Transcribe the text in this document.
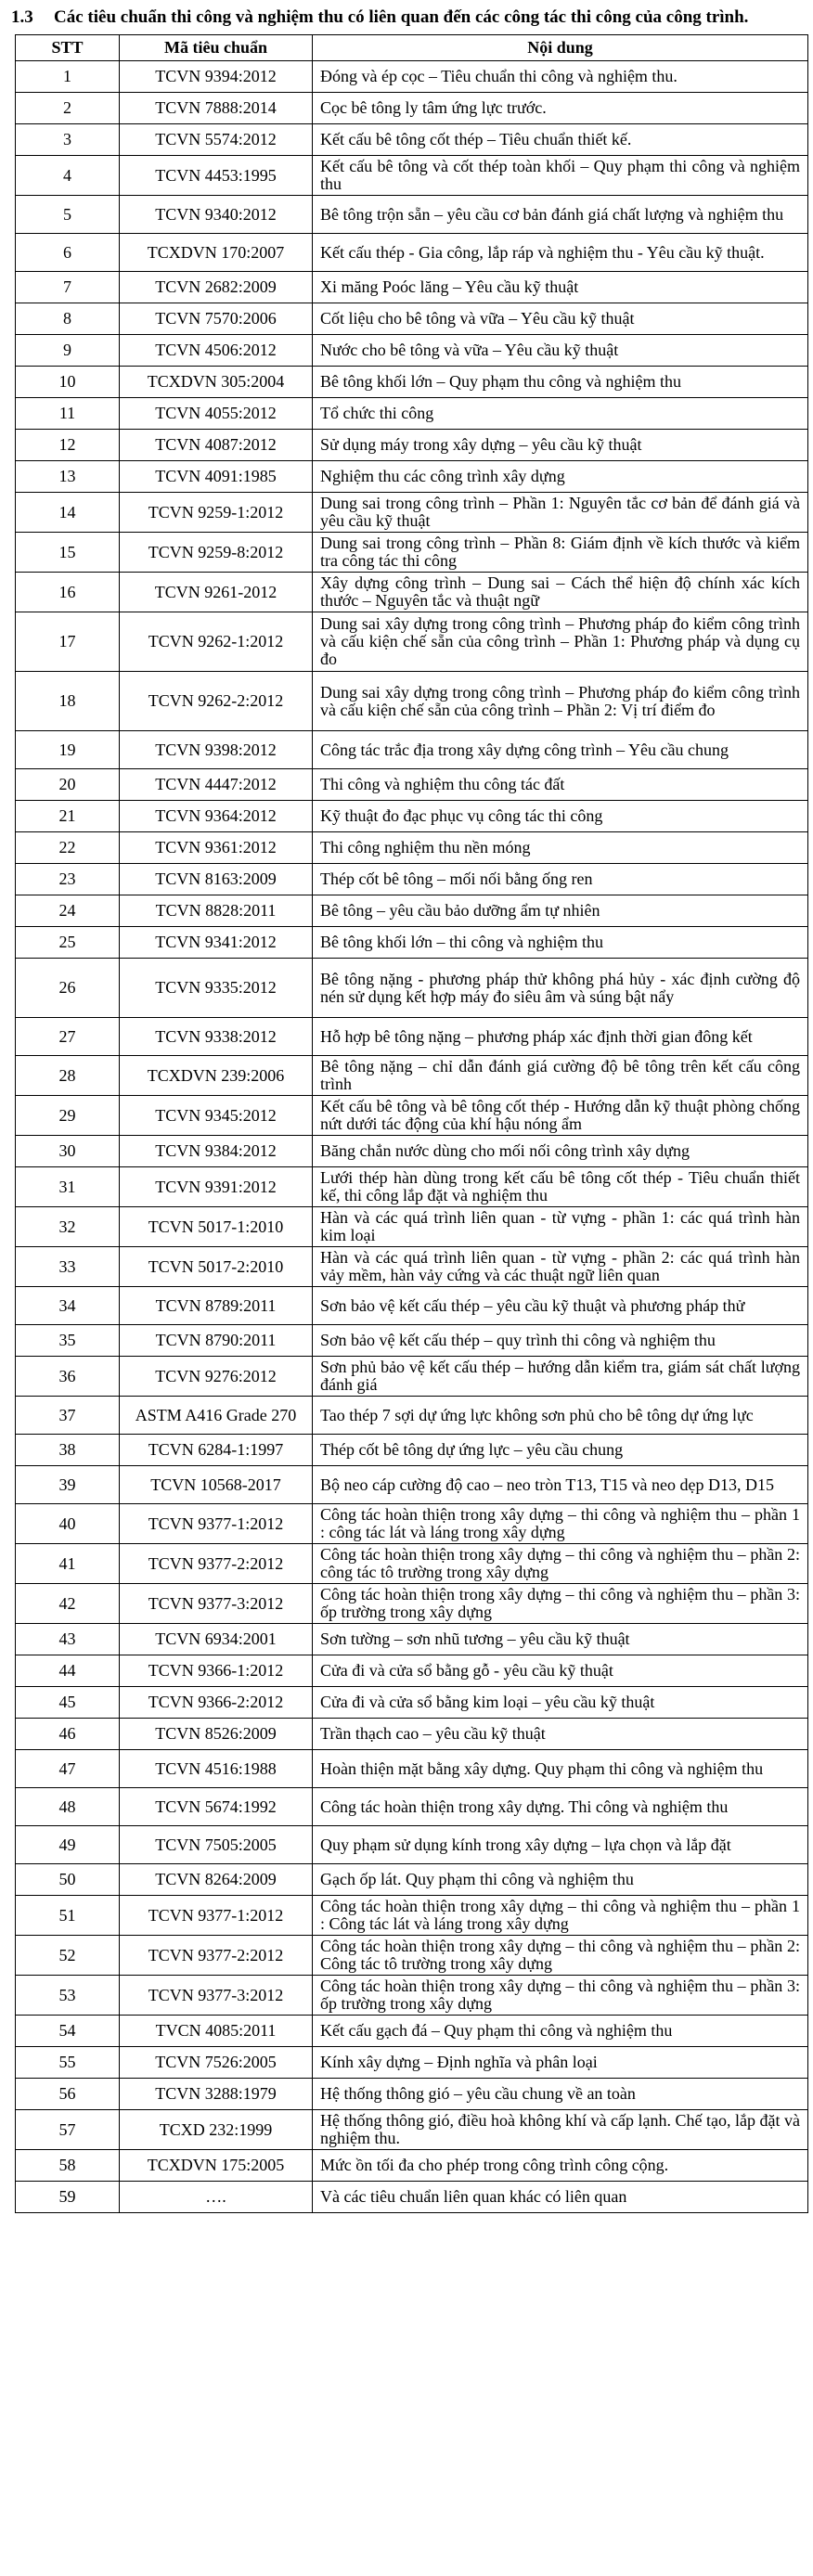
1.3	Các tiêu chuẩn thi công và nghiệm thu có liên quan đến các công tác thi công của công trình.
STT	Mã tiêu chuẩn	Nội dung
1	TCVN 9394:2012	Đóng và ép cọc – Tiêu chuẩn thi công và nghiệm thu.
2	TCVN 7888:2014	Cọc bê tông ly tâm ứng lực trước.
3	TCVN 5574:2012	Kết cấu bê tông cốt thép – Tiêu chuẩn thiết kế.
4	TCVN 4453:1995	Kết cấu bê tông và cốt thép toàn khối – Quy phạm thi công và nghiệm thu
5	TCVN 9340:2012	Bê tông trộn sẵn – yêu cầu cơ bản đánh giá chất lượng và nghiệm thu
6	TCXDVN 170:2007	Kết cấu thép - Gia công, lắp ráp và nghiệm thu - Yêu cầu kỹ thuật.
7	TCVN 2682:2009	Xi măng Poóc lăng – Yêu cầu kỹ thuật
8	TCVN 7570:2006	Cốt liệu cho bê tông và vữa – Yêu cầu kỹ thuật
9	TCVN 4506:2012	Nước cho bê tông và vữa – Yêu cầu kỹ thuật
10	TCXDVN 305:2004	Bê tông khối lớn – Quy phạm thu công và nghiệm thu
11	TCVN 4055:2012	Tổ chức thi công
12	TCVN 4087:2012	Sử dụng máy trong xây dựng – yêu cầu kỹ thuật
13	TCVN 4091:1985	Nghiệm thu các công trình xây dựng
14	TCVN 9259-1:2012	Dung sai trong công trình – Phần 1: Nguyên tắc cơ bản để đánh giá và yêu cầu kỹ thuật
15	TCVN 9259-8:2012	Dung sai trong công trình – Phần 8: Giám định về kích thước và kiểm tra công tác thi công
16	TCVN 9261-2012	Xây dựng công trình – Dung sai – Cách thể hiện độ chính xác kích thước – Nguyên tắc và thuật ngữ
17	TCVN 9262-1:2012	Dung sai xây dựng trong công trình – Phương pháp đo kiểm công trình và cấu kiện chế sẵn của công trình – Phần 1: Phương pháp và dụng cụ đo
18	TCVN 9262-2:2012	Dung sai xây dựng trong công trình – Phương pháp đo kiểm công trình và cấu kiện chế sẵn của công trình – Phần 2: Vị trí điểm đo
19	TCVN 9398:2012	Công tác trắc địa trong xây dựng công trình – Yêu cầu chung
20	TCVN 4447:2012	Thi công và nghiệm thu công tác đất
21	TCVN 9364:2012	Kỹ thuật đo đạc phục vụ công tác thi công
22	TCVN 9361:2012	Thi công nghiệm thu nền móng
23	TCVN 8163:2009	Thép cốt bê tông – mối nối bằng ống ren
24	TCVN 8828:2011	Bê tông – yêu cầu bảo dưỡng ẩm tự nhiên
25	TCVN 9341:2012	Bê tông khối lớn – thi công và nghiệm thu
26	TCVN 9335:2012	Bê tông nặng - phương pháp thử không phá hủy - xác định cường độ nén sử dụng kết hợp máy đo siêu âm và súng bật nẩy
27	TCVN 9338:2012	Hỗ hợp bê tông nặng – phương pháp xác định thời gian đông kết
28	TCXDVN 239:2006	Bê tông nặng – chỉ dẫn đánh giá cường độ bê tông trên kết cấu công trình
29	TCVN 9345:2012	Kết cấu bê tông và bê tông cốt thép - Hướng dẫn kỹ thuật phòng chống nứt dưới tác động của khí hậu nóng ẩm
30	TCVN 9384:2012	Băng chắn nước dùng cho mối nối công trình xây dựng
31	TCVN 9391:2012	Lưới thép hàn dùng trong kết cấu bê tông cốt thép - Tiêu chuẩn thiết kế, thi công lắp đặt và nghiệm thu
32	TCVN 5017-1:2010	Hàn và các quá trình liên quan - từ vựng - phần 1: các quá trình hàn kim loại
33	TCVN 5017-2:2010	Hàn và các quá trình liên quan - từ vựng - phần 2: các quá trình hàn vảy mềm, hàn vảy cứng và các thuật ngữ liên quan
34	TCVN 8789:2011	Sơn bảo vệ kết cấu thép – yêu cầu kỹ thuật và phương pháp thử
35	TCVN 8790:2011	Sơn bảo vệ kết cấu thép – quy trình thi công và nghiệm thu
36	TCVN 9276:2012	Sơn phủ bảo vệ kết cấu thép – hướng dẫn kiểm tra, giám sát chất lượng đánh giá
37	ASTM A416 Grade 270	Tao thép 7 sợi dự ứng lực không sơn phủ cho bê tông dự ứng lực
38	TCVN 6284-1:1997	Thép cốt bê tông dự ứng lực – yêu cầu chung
39	TCVN 10568-2017	Bộ neo cáp cường độ cao – neo tròn T13, T15 và neo dẹp D13, D15
40	TCVN 9377-1:2012	Công tác hoàn thiện trong xây dựng – thi công và nghiệm thu – phần 1 : công tác lát và láng trong xây dựng
41	TCVN 9377-2:2012	Công tác hoàn thiện trong xây dựng – thi công và nghiệm thu – phần 2: công tác tô trường trong xây dựng
42	TCVN 9377-3:2012	Công tác hoàn thiện trong xây dựng – thi công và nghiệm thu – phần 3: ốp trường trong xây dựng
43	TCVN 6934:2001	Sơn tường – sơn nhũ tương – yêu cầu kỹ thuật
44	TCVN 9366-1:2012	Cửa đi và cửa sổ bằng gỗ - yêu cầu kỹ thuật
45	TCVN 9366-2:2012	Cửa đi và cửa sổ bằng kim loại – yêu cầu kỹ thuật
46	TCVN 8526:2009	Trần thạch cao – yêu cầu kỹ thuật
47	TCVN 4516:1988	Hoàn thiện mặt bằng xây dựng. Quy phạm thi công và nghiệm thu
48	TCVN 5674:1992	Công tác hoàn thiện trong xây dựng. Thi công và nghiệm thu
49	TCVN 7505:2005	Quy phạm sử dụng kính trong xây dựng – lựa chọn và lắp đặt
50	TCVN 8264:2009	Gạch ốp lát. Quy phạm thi công và nghiệm thu
51	TCVN 9377-1:2012	Công tác hoàn thiện trong xây dựng – thi công và nghiệm thu – phần 1 : Công tác lát và láng trong xây dựng
52	TCVN 9377-2:2012	Công tác hoàn thiện trong xây dựng – thi công và nghiệm thu – phần 2: Công tác tô trường trong xây dựng
53	TCVN 9377-3:2012	Công tác hoàn thiện trong xây dựng – thi công và nghiệm thu – phần 3: ốp trường trong xây dựng
54	TVCN 4085:2011	Kết cấu gạch đá – Quy phạm thi công và nghiệm thu
55	TCVN 7526:2005	Kính xây dựng – Định nghĩa và phân loại
56	TCVN 3288:1979	Hệ thống thông gió – yêu cầu chung về an toàn
57	TCXD 232:1999	Hệ thống thông gió, điều hoà không khí và cấp lạnh. Chế tạo, lắp đặt và nghiệm thu.
58	TCXDVN 175:2005	Mức ồn tối đa cho phép trong công trình công cộng.
59	….	Và các tiêu chuẩn liên quan khác có liên quan
